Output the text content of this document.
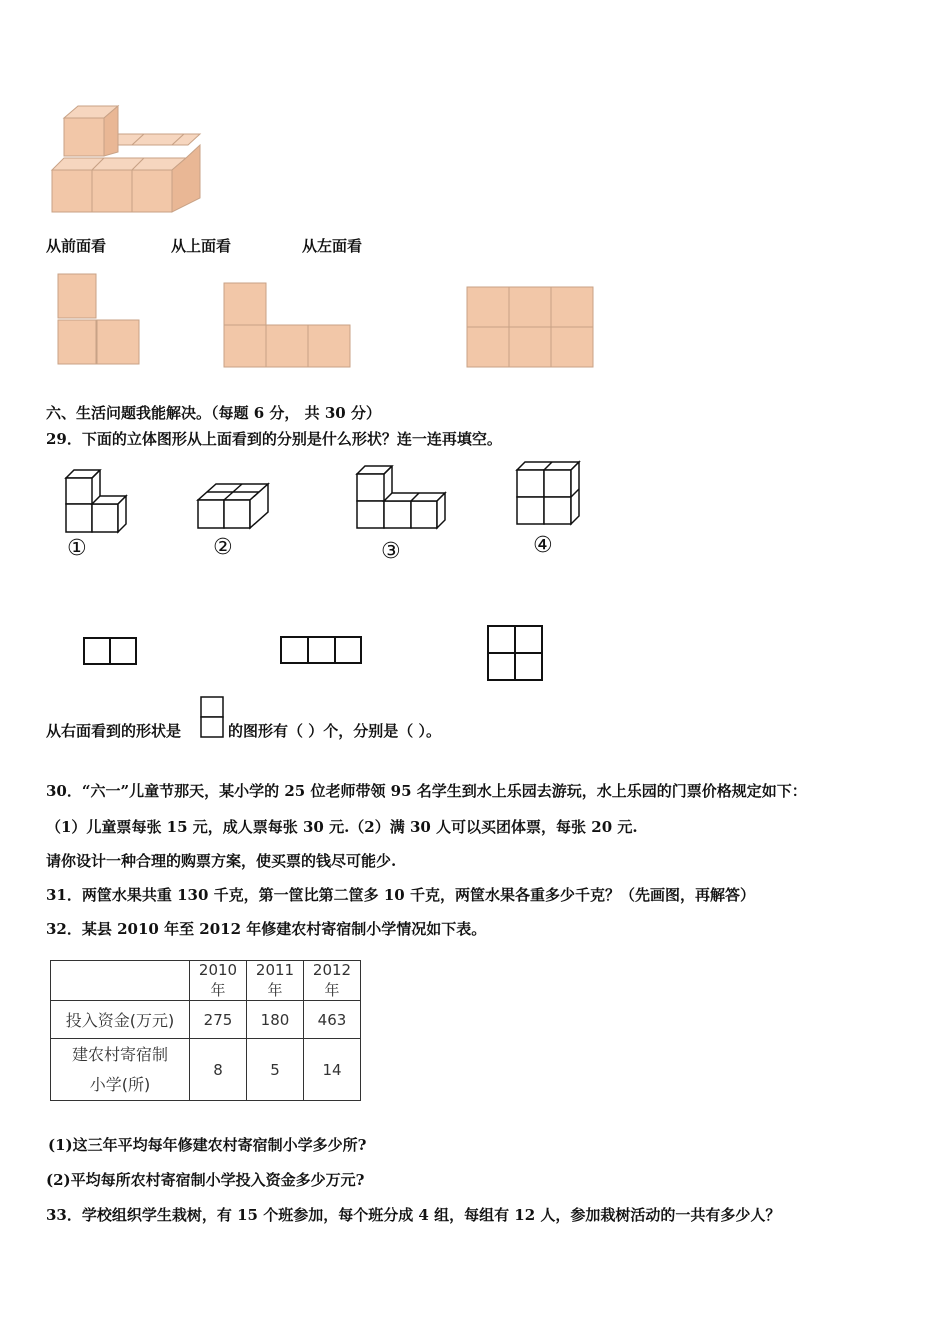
从前面看	从上面看	从左面看
六、生活问题我能解决。（每题 6 分， 共 30 分）
29．下面的立体图形从上面看到的分别是什么形状？连一连再填空。
①	②	③	④
从右面看到的形状是	的图形有（ ）个，分别是（ ）。
30．“六一”儿童节那天，某小学的 25 位老师带领 95 名学生到水上乐园去游玩，水上乐园的门票价格规定如下：
（1）儿童票每张 15 元，成人票每张 30 元.（2）满 30 人可以买团体票，每张 20 元.
请你设计一种合理的购票方案，使买票的钱尽可能少.
31．两筐水果共重 130 千克，第一筐比第二筐多 10 千克，两筐水果各重多少千克？（先画图，再解答）
32．某县 2010 年至 2012 年修建农村寄宿制小学情况如下表。
	2010 年	2011 年	2012 年
投入资金(万元)	275	180	463

建农村寄宿制
小学(所)	8	5	14
(1)这三年平均每年修建农村寄宿制小学多少所?
(2)平均每所农村寄宿制小学投入资金多少万元?
33．学校组织学生栽树，有 15 个班参加，每个班分成 4 组，每组有 12 人，参加栽树活动的一共有多少人？
